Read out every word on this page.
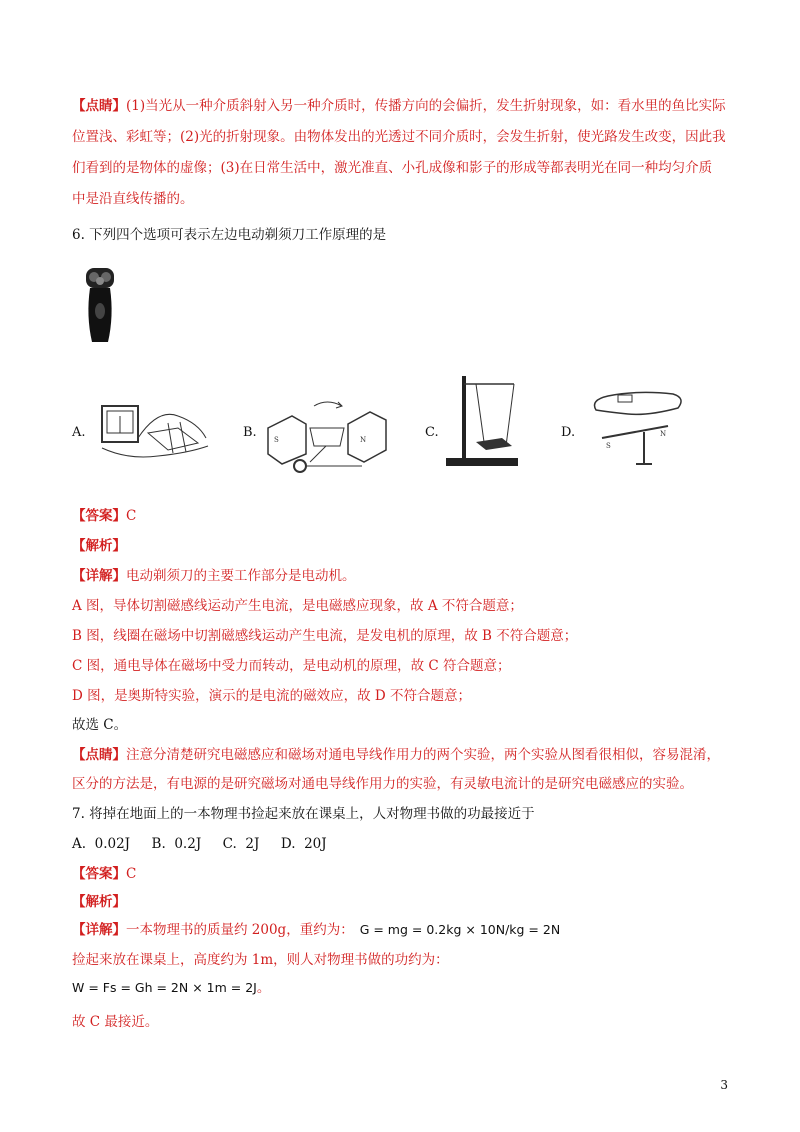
【点睛】(1)当光从一种介质斜射入另一种介质时，传播方向的会偏折，发生折射现象，如：看水里的鱼比实际
位置浅、彩虹等；(2)光的折射现象。由物体发出的光透过不同介质时，会发生折射，使光路发生改变，因此我
们看到的是物体的虚像；(3)在日常生活中，激光准直、小孔成像和影子的形成等都表明光在同一种均匀介质
中是沿直线传播的。
6. 下列四个选项可表示左边电动剃须刀工作原理的是
A.	B. S	N	C.	D.
S
N
【答案】C
【解析】
【详解】电动剃须刀的主要工作部分是电动机。
A 图，导体切割磁感线运动产生电流，是电磁感应现象，故 A 不符合题意；
B 图，线圈在磁场中切割磁感线运动产生电流，是发电机的原理，故 B 不符合题意；
C 图，通电导体在磁场中受力而转动，是电动机的原理，故 C 符合题意；
D 图，是奥斯特实验，演示的是电流的磁效应，故 D 不符合题意；
故选 C。
【点睛】注意分清楚研究电磁感应和磁场对通电导线作用力的两个实验，两个实验从图看很相似，容易混淆，
区分的方法是，有电源的是研究磁场对通电导线作用力的实验，有灵敏电流计的是研究电磁感应的实验。
7. 将掉在地面上的一本物理书捡起来放在课桌上，人对物理书做的功最接近于
A.  0.02J     B.  0.2J     C.  2J     D.  20J
【答案】C
【解析】
【详解】一本物理书的质量约 200g，重约为： G = mg = 0.2kg × 10N/kg = 2N
捡起来放在课桌上，高度约为 1m，则人对物理书做的功约为：
W = Fs = Gh = 2N × 1m = 2J。
故 C 最接近。
3
